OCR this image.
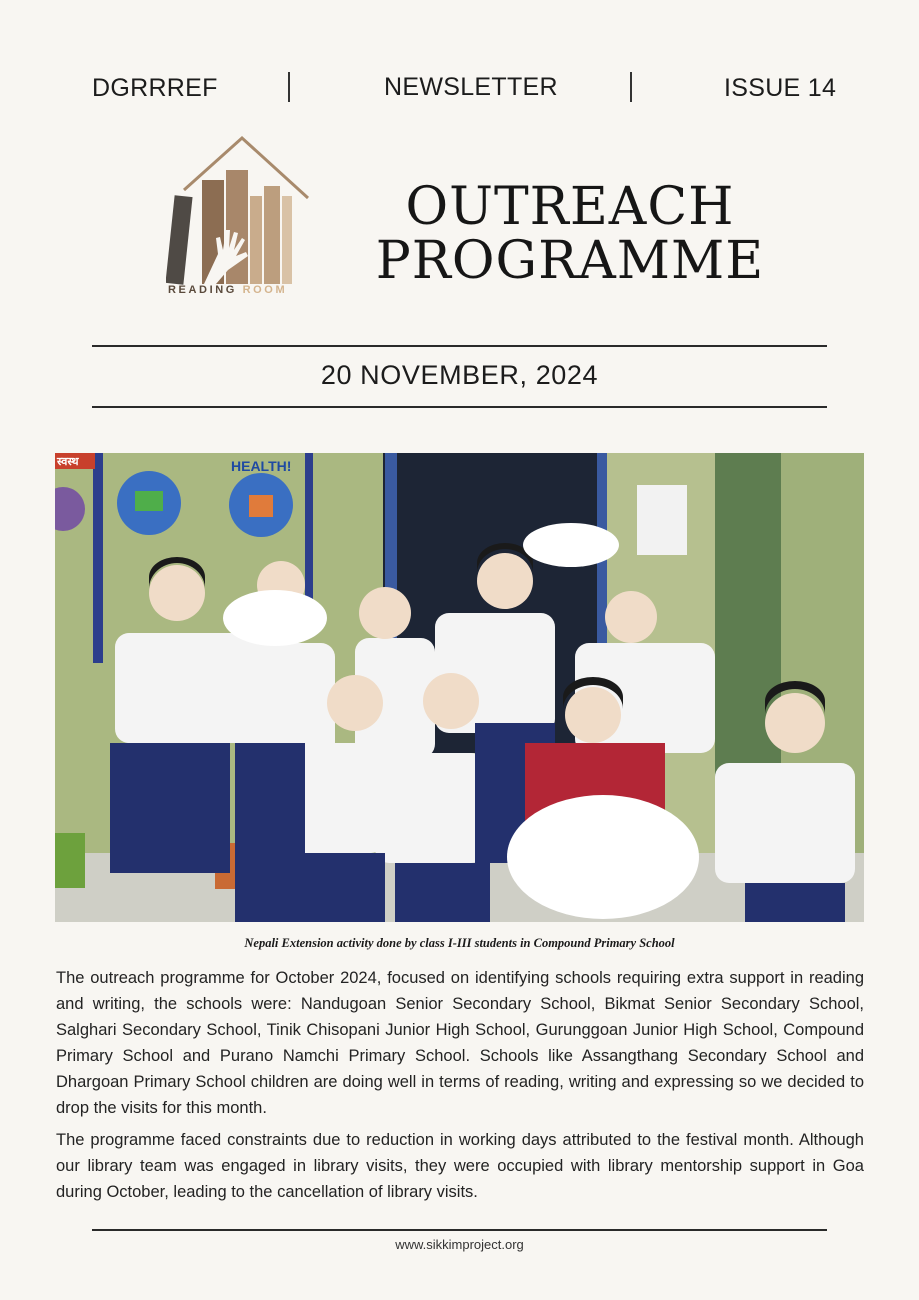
DGRRREF	NEWSLETTER	ISSUE 14
READING ROOM
OUTREACH
PROGRAMME
20 NOVEMBER, 2024
HEALTH!
स्वस्थ
Nepali Extension activity done by class I-III students in Compound Primary School
The outreach programme for October 2024, focused on identifying schools requiring extra support in reading and writing, the schools were: Nandugoan Senior Secondary School, Bikmat Senior Secondary School, Salghari Secondary School, Tinik Chisopani Junior High School, Gurunggoan Junior High School, Compound Primary School and Purano Namchi Primary School. Schools like Assangthang Secondary School and Dhargoan Primary School children are doing well in terms of reading, writing and expressing so we decided to drop the visits for this month.
The programme faced constraints due to reduction in working days attributed to the festival month. Although our library team was engaged in library visits, they were occupied with library mentorship support in Goa during October, leading to the cancellation of library visits.
www.sikkimproject.org
